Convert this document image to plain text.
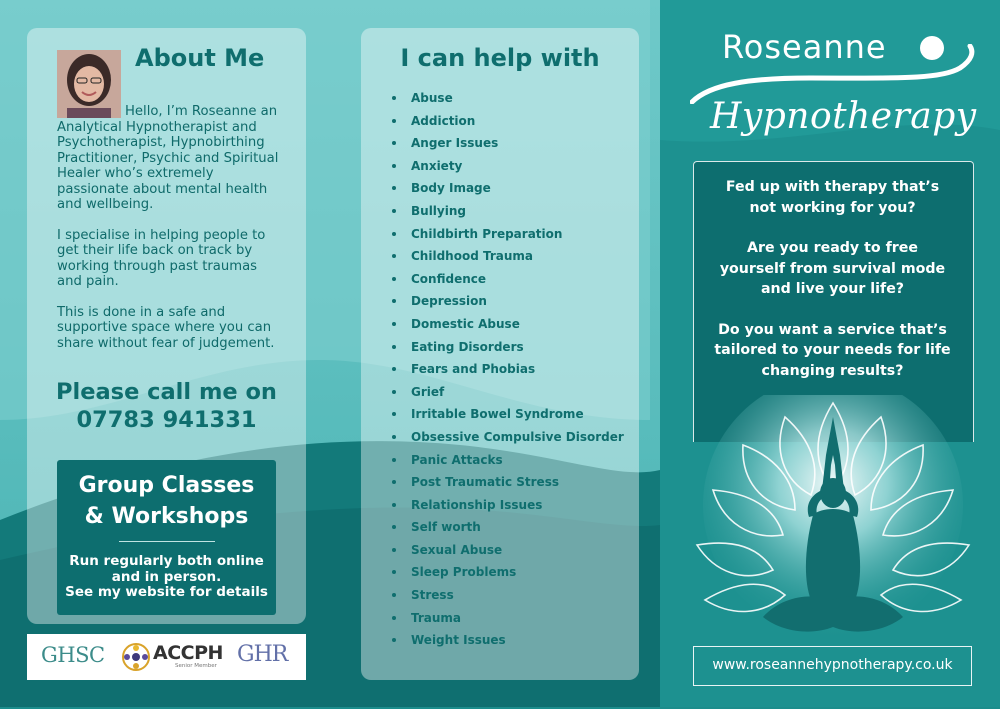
About Me

Hello, I’m Roseanne an Analytical Hypnotherapist and Psychotherapist, Hypnobirthing Practitioner, Psychic and Spiritual Healer who’s extremely passionate about mental health and wellbeing.

I specialise in helping people to get their life back on track by working through past traumas and pain.

This is done in a safe and supportive space where you can share without fear of judgement.

Please call me on
07783 941331
Group Classes
& Workshops
Run regularly both online
and in person.
See my website for details
GHSC	ACCPH
Senior Member GHR
I can help with
Abuse
Addiction
Anger Issues
Anxiety
Body Image
Bullying
Childbirth Preparation
Childhood Trauma
Confidence
Depression
Domestic Abuse
Eating Disorders
Fears and Phobias
Grief
Irritable Bowel Syndrome
Obsessive Compulsive Disorder
Panic Attacks
Post Traumatic Stress
Relationship Issues
Self worth
Sexual Abuse
Sleep Problems
Stress
Trauma
Weight Issues
Roseanne
Hypnotherapy

Fed up with therapy that’s
not working for you?

Are you ready to free
yourself from survival mode
and live your life?

Do you want a service that’s
tailored to your needs for life
changing results?

www.roseannehypnotherapy.co.uk
